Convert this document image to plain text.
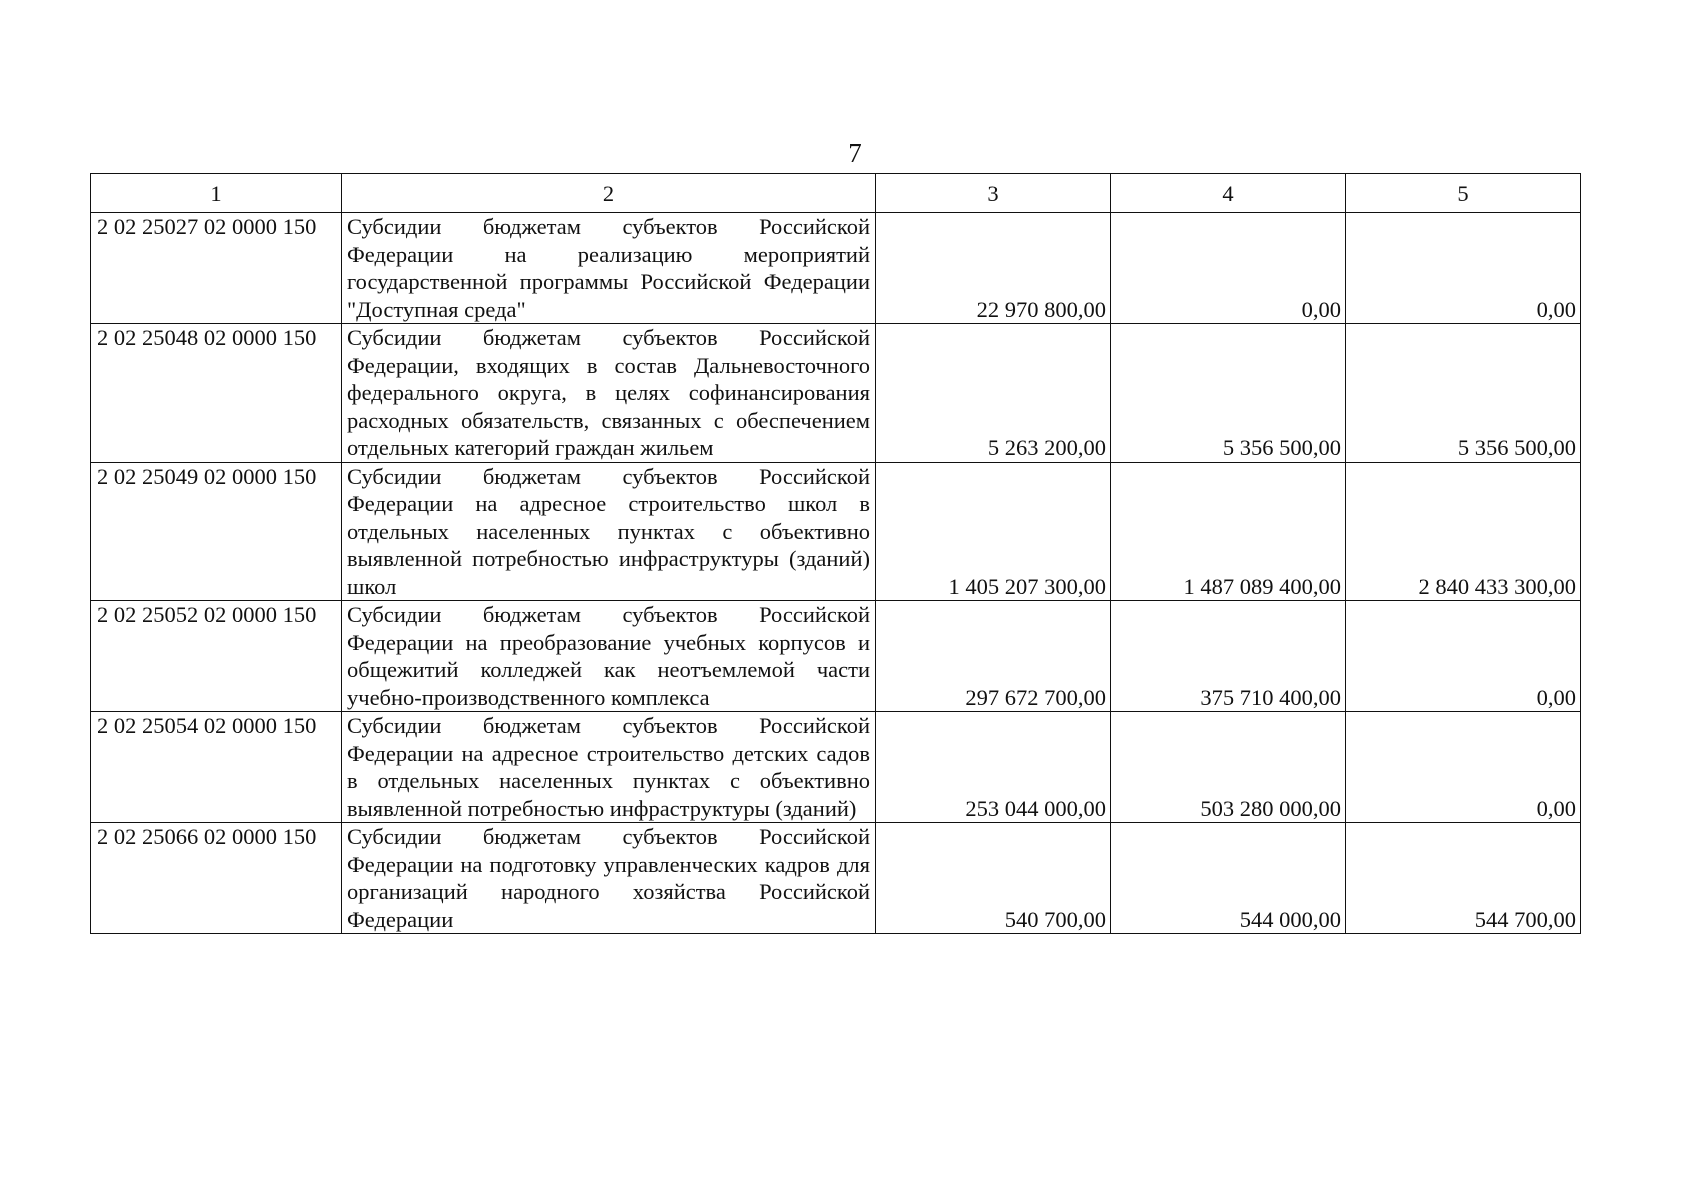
7
1	2	3	4	5
2 02 25027 02 0000 150	Субсидии бюджетам субъектов Российской Федерации на реализацию мероприятий государственной программы Российской Федерации "Доступная среда"	22 970 800,00	0,00	0,00
2 02 25048 02 0000 150	Субсидии бюджетам субъектов Российской Федерации, входящих в состав Дальневосточного федерального округа, в целях софинансирования расходных обязательств, связанных с обеспечением отдельных категорий граждан жильем	5 263 200,00	5 356 500,00	5 356 500,00
2 02 25049 02 0000 150	Субсидии бюджетам субъектов Российской Федерации на адресное строительство школ в отдельных населенных пунктах с объективно выявленной потребностью инфраструктуры (зданий) школ	1 405 207 300,00	1 487 089 400,00	2 840 433 300,00
2 02 25052 02 0000 150	Субсидии бюджетам субъектов Российской Федерации на преобразование учебных корпусов и общежитий колледжей как неотъемлемой части учебно-производственного комплекса	297 672 700,00	375 710 400,00	0,00
2 02 25054 02 0000 150	Субсидии бюджетам субъектов Российской Федерации на адресное строительство детских садов в отдельных населенных пунктах с объективно выявленной потребностью инфраструктуры (зданий)	253 044 000,00	503 280 000,00	0,00
2 02 25066 02 0000 150	Субсидии бюджетам субъектов Российской Федерации на подготовку управленческих кадров для организаций народного хозяйства Российской Федерации	540 700,00	544 000,00	544 700,00
